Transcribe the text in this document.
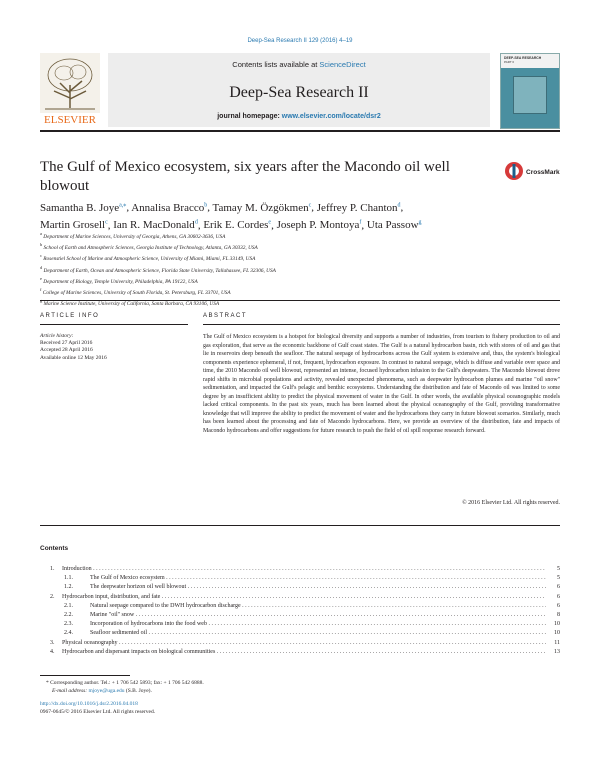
Deep-Sea Research II 129 (2016) 4–19
ELSEVIER
Contents lists available at ScienceDirect
Deep-Sea Research II
journal homepage: www.elsevier.com/locate/dsr2
DEEP-SEA RESEARCH
PART II
The Gulf of Mexico ecosystem, six years after the Macondo oil well blowout
CrossMark
Samantha B. Joye$^{a,⁎}$, Annalisa Bracco$^b$, Tamay M. Özgökmen$^c$, Jeffrey P. Chanton$^d$,
Martin Grosell$^c$, Ian R. MacDonald$^d$, Erik E. Cordes$^e$, Joseph P. Montoya$^f$, Uta Passow$^g$
$^a$ Department of Marine Sciences, University of Georgia, Athens, GA 30602-3636, USA
$^b$ School of Earth and Atmospheric Sciences, Georgia Institute of Technology, Atlanta, GA 30332, USA
$^c$ Rosenstiel School of Marine and Atmospheric Science, University of Miami, Miami, FL 33149, USA
$^d$ Department of Earth, Ocean and Atmospheric Science, Florida State University, Tallahassee, FL 32306, USA
$^e$ Department of Biology, Temple University, Philadelphia, PA 19122, USA
$^f$ College of Marine Sciences, University of South Florida, St. Petersburg, FL 33701, USA
$^g$ Marine Science Institute, University of California, Santa Barbara, CA 93106, USA
ARTICLE INFO	ABSTRACT
Article history:
Received 27 April 2016
Accepted 28 April 2016
Available online 12 May 2016
The Gulf of Mexico ecosystem is a hotspot for biological diversity and supports a number of industries, from tourism to fishery production to oil and gas exploration, that serve as the economic backbone of Gulf coast states. The Gulf is a natural hydrocarbon basin, rich with stores of oil and gas that lie in reservoirs deep beneath the seafloor. The natural seepage of hydrocarbons across the Gulf system is extensive and, thus, the system's biological components experience ephemeral, if not, frequent, hydrocarbon exposure. In contrast to natural seepage, which is diffuse and variable over space and time, the 2010 Macondo oil well blowout, represented an intense, focused hydrocarbon infusion to the Gulf's deepwaters. The Macondo blowout drove rapid shifts in microbial populations and activity, revealed unexpected phenomena, such as deepwater hydrocarbon plumes and marine "oil snow" sedimentation, and impacted the Gulf's pelagic and benthic ecosystems. Understanding the distribution and fate of Macondo oil was limited to some degree by an insufficient ability to predict the physical movement of water in the Gulf. In other words, the available physical oceanographic models lacked critical components. In the past six years, much has been learned about the physical oceanography of the Gulf, providing transformative knowledge that will improve the ability to predict the movement of water and the hydrocarbons they carry in future blowout scenarios. Similarly, much has been learned about the processing and fate of Macondo hydrocarbons. Here, we provide an overview of the distribution, fate and impacts of Macondo hydrocarbons and offer suggestions for future research to push the field of oil spill response research forward.
© 2016 Elsevier Ltd. All rights reserved.
Contents
1. Introduction . . .	5
1.1.	The Gulf of Mexico ecosystem . . .	5
1.2.	The deepwater horizon oil well blowout . . .	6
2. Hydrocarbon input, distribution, and fate . . .	6
2.1.	Natural seepage compared to the DWH hydrocarbon discharge . . .	6
2.2.	Marine "oil" snow . . .	8
2.3.	Incorporation of hydrocarbons into the food web . . .	10
2.4.	Seafloor sedimented oil . . .	10
3. Physical oceanography . . .	11
4. Hydrocarbon and dispersant impacts on biological communities . . .	13
* Corresponding author. Tel.: + 1 706 542 5893; fax: + 1 706 542 6888.
E-mail address: mjoye@uga.edu (S.B. Joye).
http://dx.doi.org/10.1016/j.dsr2.2016.04.018
0967-0645/© 2016 Elsevier Ltd. All rights reserved.
